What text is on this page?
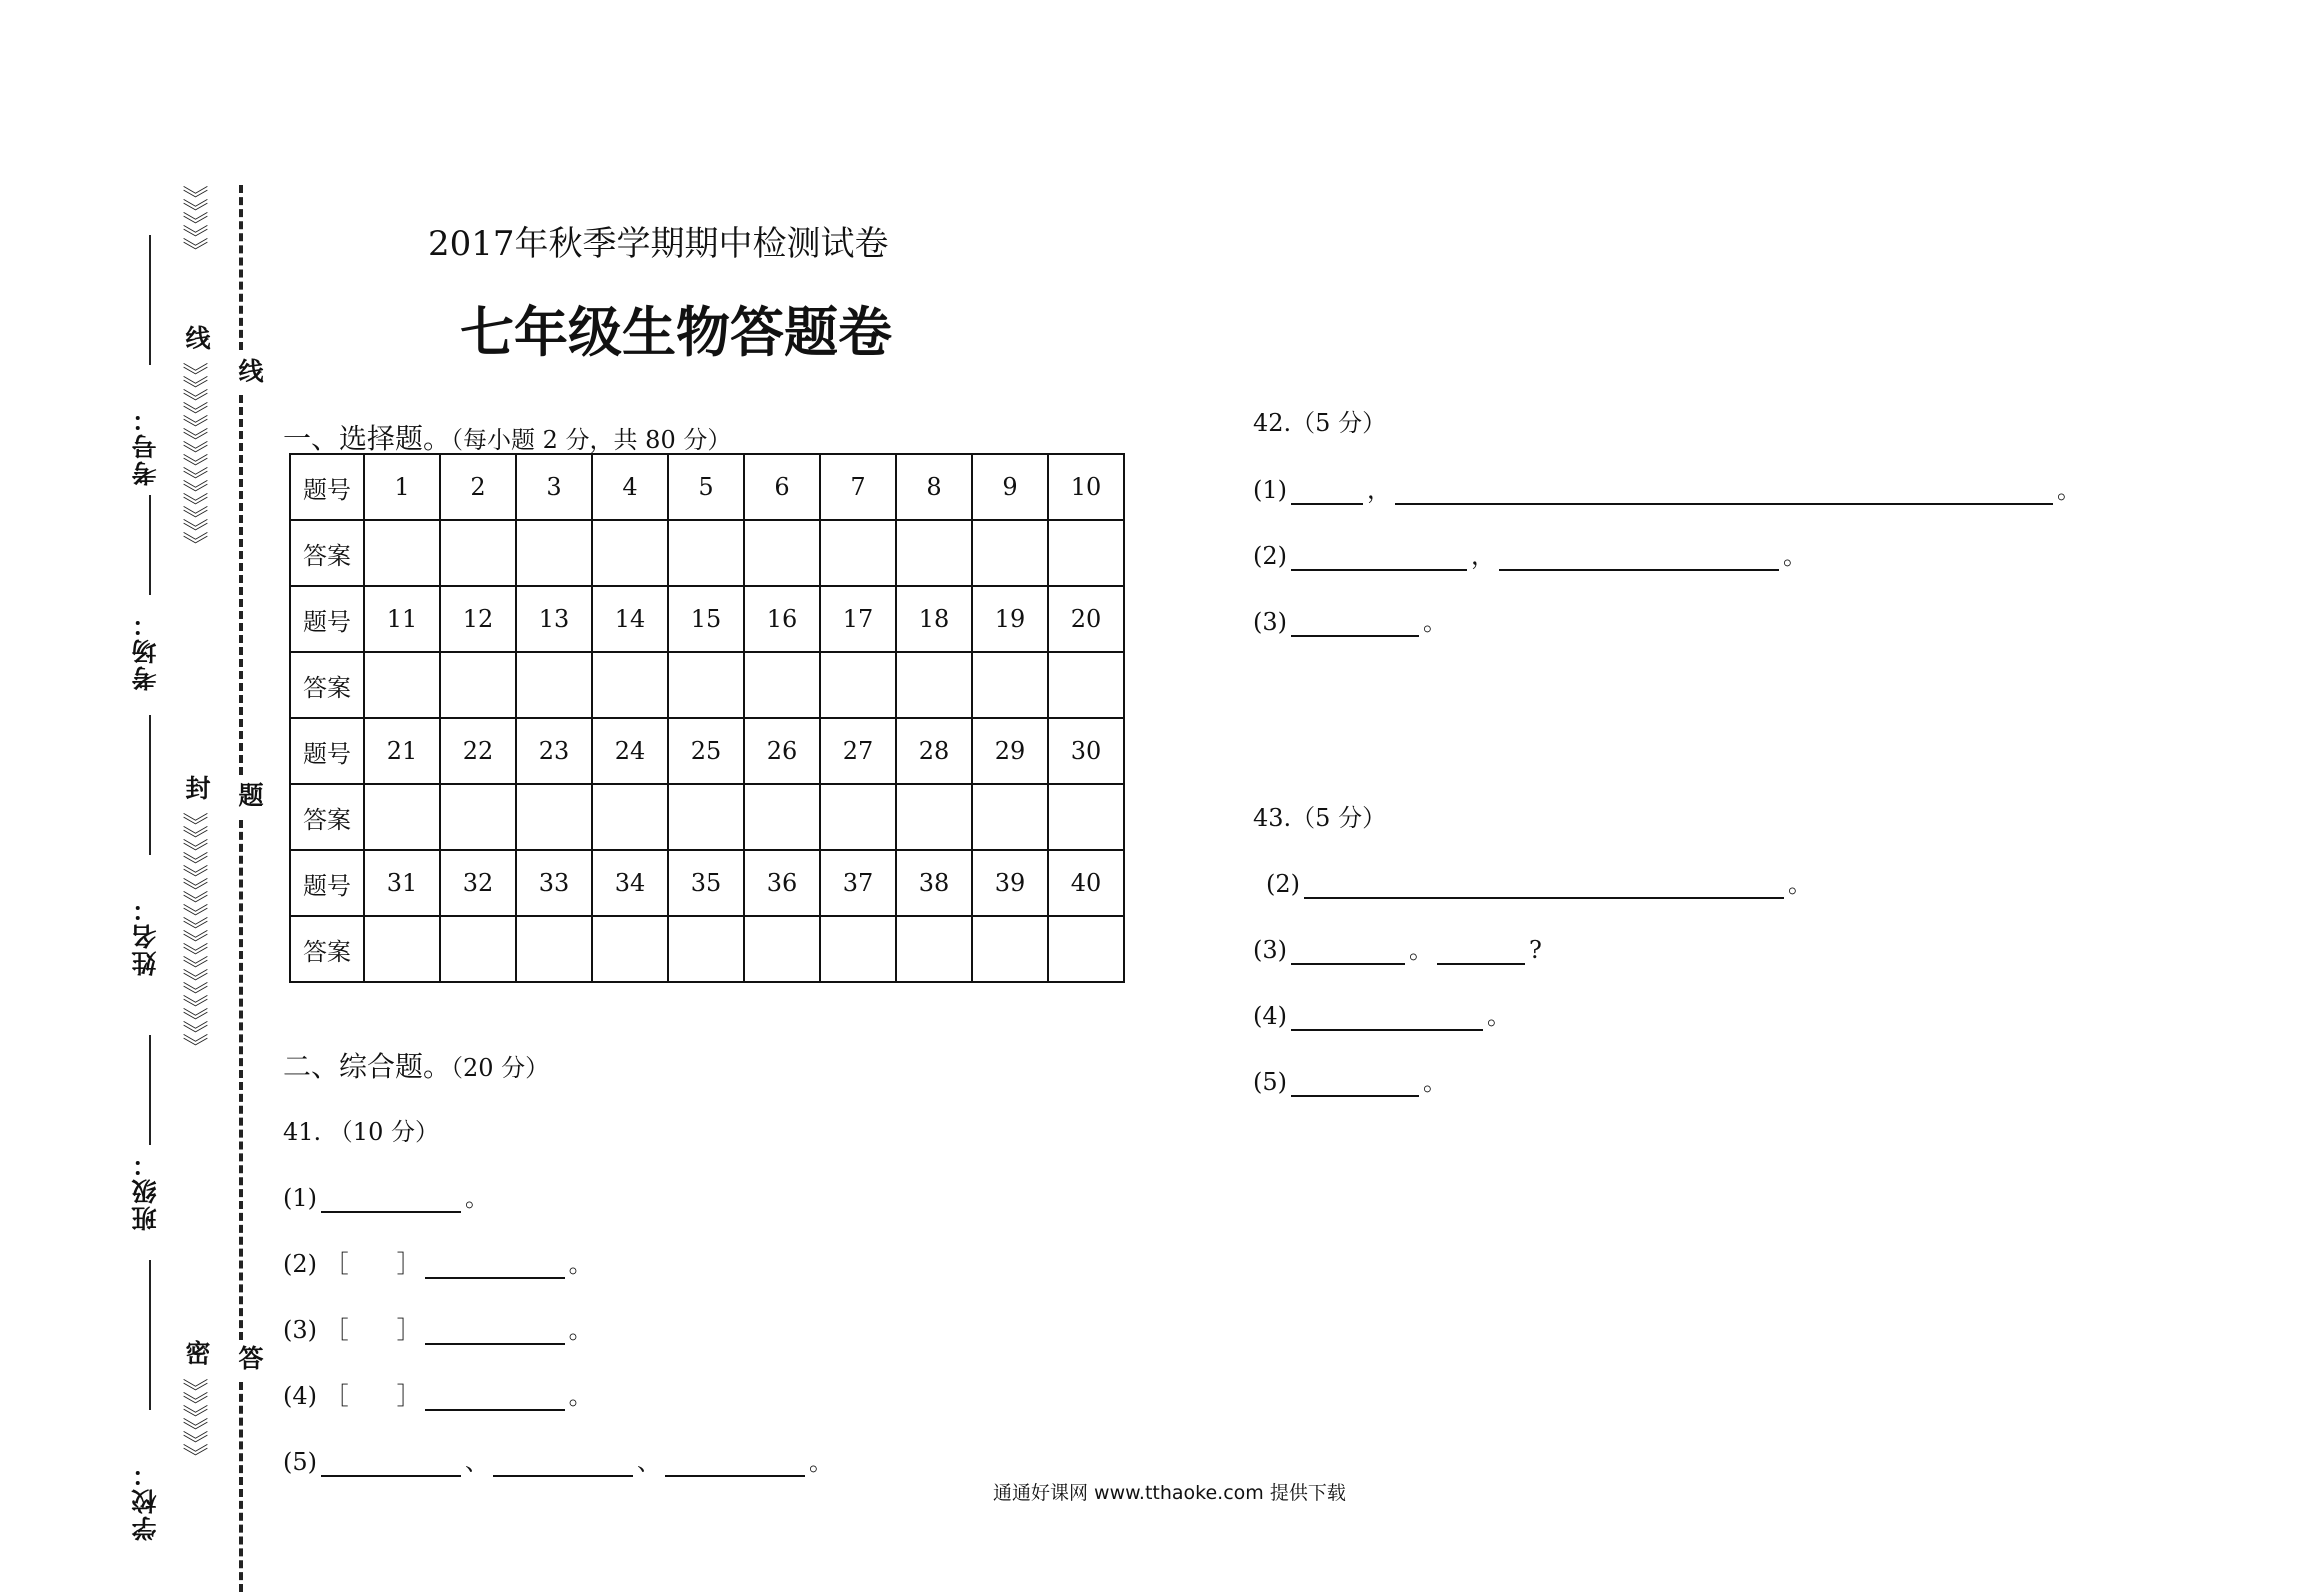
考号：
考场：
姓名：
班级：
学校：
》》》》》
线
》》》》》》》》》》》》》》
封
》》》》》》》》》》》》》》》》》》
密
》》》》》》
线
题
答
2017年秋季学期期中检测试卷
七年级生物答题卷
一、选择题。（每小题 2 分，共 80 分）
题号	1	2	3	4	5	6	7	8	9	10
答案										
题号	11	12	13	14	15	16	17	18	19	20
答案										
题号	21	22	23	24	25	26	27	28	29	30
答案										
题号	31	32	33	34	35	36	37	38	39	40
答案										
二、综合题。（20 分）
41. （10 分）
(1)	。
(2) ［　　］	。
(3) ［　　］	。
(4) ［　　］	。
(5)	、	、	。
42.（5 分）
(1)	，	。
(2)	，	。
(3)	。
43.（5 分）
(2)	。
(3)	。	?
(4)	。
(5)	。
通通好课网 www.tthaoke.com 提供下载
